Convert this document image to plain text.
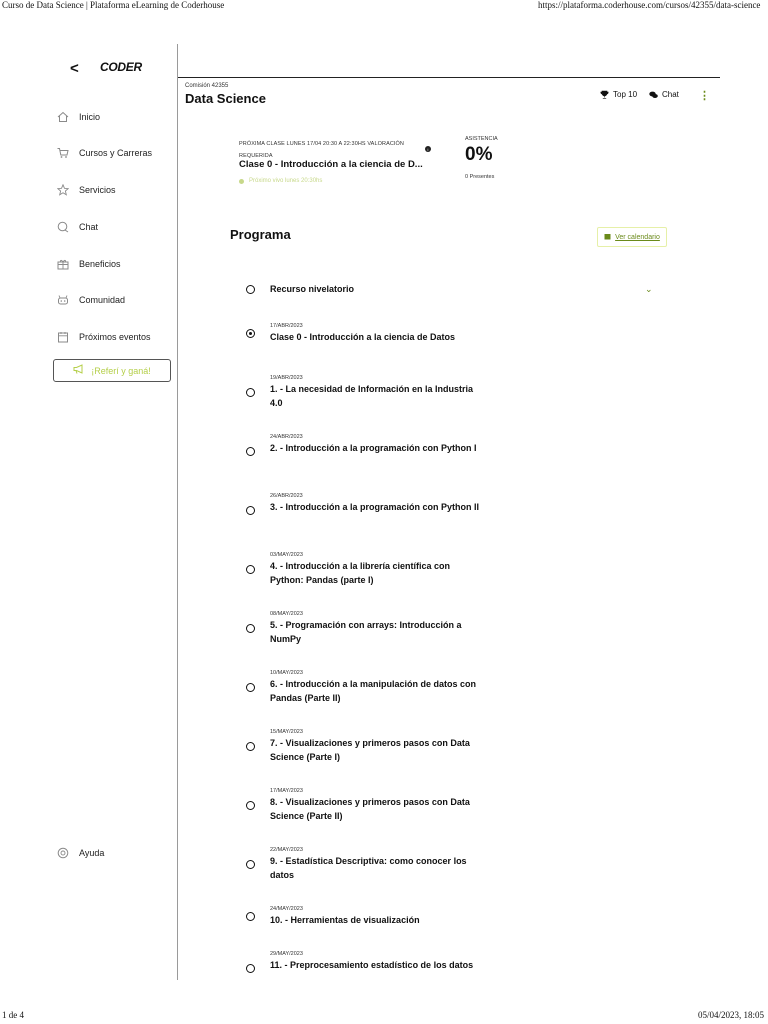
Curso de Data Science | Plataforma eLearning de Coderhouse	https://plataforma.coderhouse.com/cursos/42355/data-science
1 de 4	05/04/2023, 18:05
< CODER
Inicio
Cursos y Carreras
Servicios
Chat
Beneficios
Comunidad
Próximos eventos
¡Referí y ganá!
Ayuda
Comisión 42355
Data Science	Top 10	Chat ⋮
PRÓXIMA CLASE LUNES 17/04 20:30 A 22:30HS VALORACIÓN REQUERIDA
i
Clase 0 - Introducción a la ciencia de D...
Próximo vivo lunes 20:30hs
ASISTENCIA
0%
0 Presentes
Programa	Ver calendario
Recurso nivelatorio	⌄
17/ABR/2023
Clase 0 - Introducción a la ciencia de Datos
19/ABR/2023
1. - La necesidad de Información en la Industria 4.0
24/ABR/2023
2. - Introducción a la programación con Python I
26/ABR/2023
3. - Introducción a la programación con Python II
03/MAY/2023
4. - Introducción a la librería científica con Python: Pandas (parte I)
08/MAY/2023
5. - Programación con arrays: Introducción a NumPy
10/MAY/2023
6. - Introducción a la manipulación de datos con Pandas (Parte II)
15/MAY/2023
7. - Visualizaciones y primeros pasos con Data Science (Parte I)
17/MAY/2023
8. - Visualizaciones y primeros pasos con Data Science (Parte II)
22/MAY/2023
9. - Estadística Descriptiva: como conocer los datos
24/MAY/2023
10. - Herramientas de visualización
29/MAY/2023
11. - Preprocesamiento estadístico de los datos
